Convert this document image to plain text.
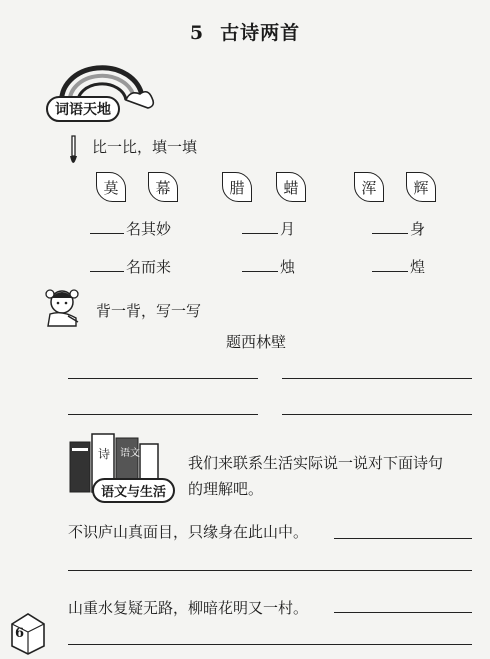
5 古诗两首
词语天地
比一比，填一填
莫	幕	腊	蜡	浑	辉
名其妙	月	身
名而来	烛	煌
背一背，写一写
题西林壁
诗 语文
语文与生活
我们来联系生活实际说一说对下面诗句
的理解吧。
不识庐山真面目，只缘身在此山中。
山重水复疑无路，柳暗花明又一村。
6
